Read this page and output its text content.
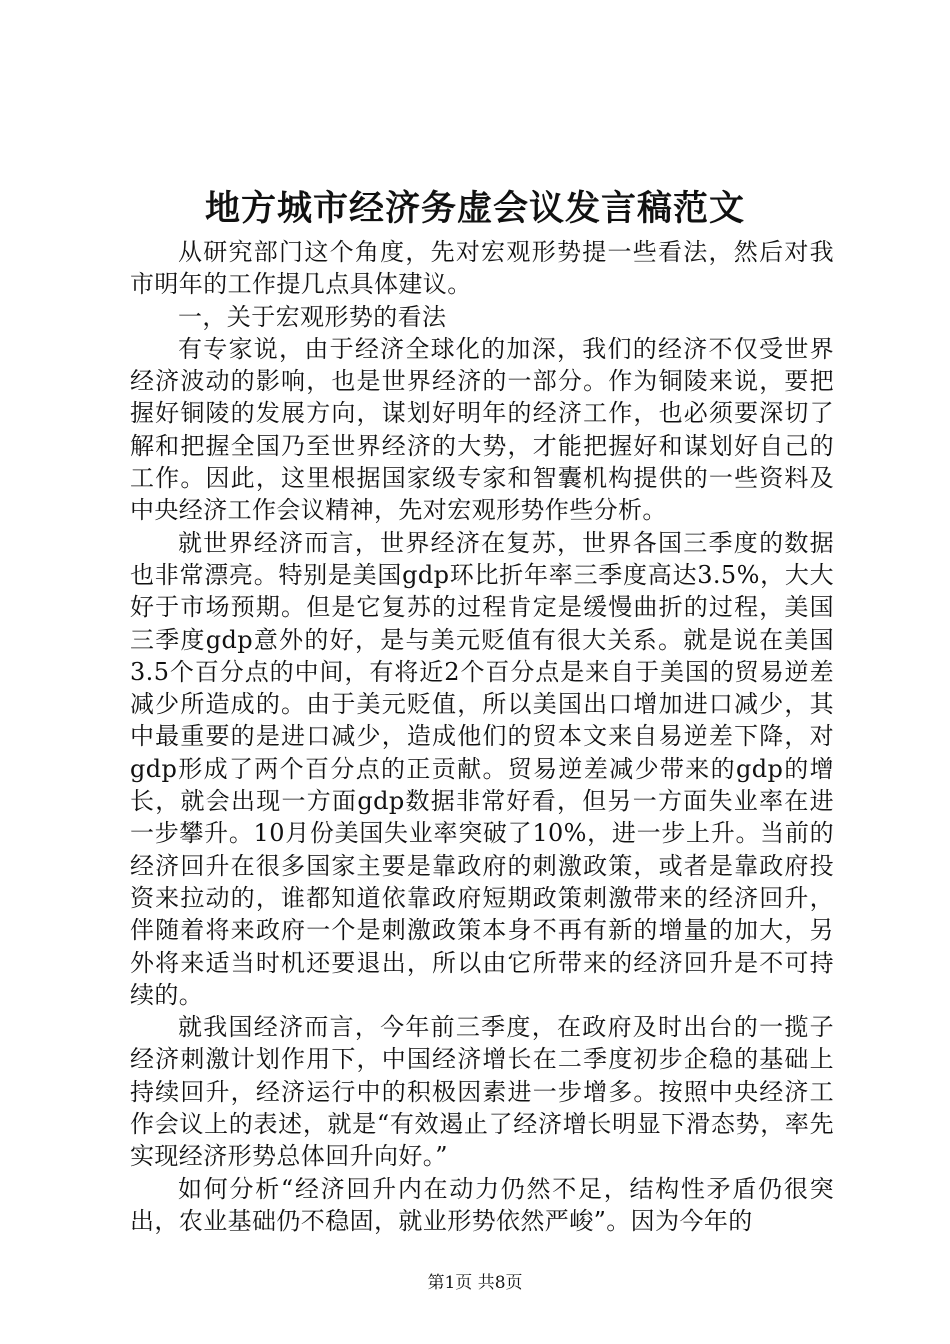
地方城市经济务虚会议发言稿范文

从研究部门这个角度，先对宏观形势提一些看法，然后对我市明年的工作提几点具体建议。

一，关于宏观形势的看法

有专家说，由于经济全球化的加深，我们的经济不仅受世界经济波动的影响，也是世界经济的一部分。作为铜陵来说，要把握好铜陵的发展方向，谋划好明年的经济工作，也必须要深切了解和把握全国乃至世界经济的大势，才能把握好和谋划好自己的工作。因此，这里根据国家级专家和智囊机构提供的一些资料及中央经济工作会议精神，先对宏观形势作些分析。

就世界经济而言，世界经济在复苏，世界各国三季度的数据也非常漂亮。特别是美国gdp环比折年率三季度高达3.5%，大大好于市场预期。但是它复苏的过程肯定是缓慢曲折的过程，美国三季度gdp意外的好，是与美元贬值有很大关系。就是说在美国3.5个百分点的中间，有将近2个百分点是来自于美国的贸易逆差减少所造成的。由于美元贬值，所以美国出口增加进口减少，其中最重要的是进口减少，造成他们的贸本文来自易逆差下降，对gdp形成了两个百分点的正贡献。贸易逆差减少带来的gdp的增长，就会出现一方面gdp数据非常好看，但另一方面失业率在进一步攀升。10月份美国失业率突破了10%，进一步上升。当前的经济回升在很多国家主要是靠政府的刺激政策，或者是靠政府投资来拉动的，谁都知道依靠政府短期政策刺激带来的经济回升，伴随着将来政府一个是刺激政策本身不再有新的增量的加大，另外将来适当时机还要退出，所以由它所带来的经济回升是不可持续的。

就我国经济而言，今年前三季度，在政府及时出台的一揽子经济刺激计划作用下，中国经济增长在二季度初步企稳的基础上持续回升，经济运行中的积极因素进一步增多。按照中央经济工作会议上的表述，就是“有效遏止了经济增长明显下滑态势，率先实现经济形势总体回升向好。”

如何分析“经济回升内在动力仍然不足，结构性矛盾仍很突出，农业基础仍不稳固，就业形势依然严峻”。因为今年的

第1页 共8页
